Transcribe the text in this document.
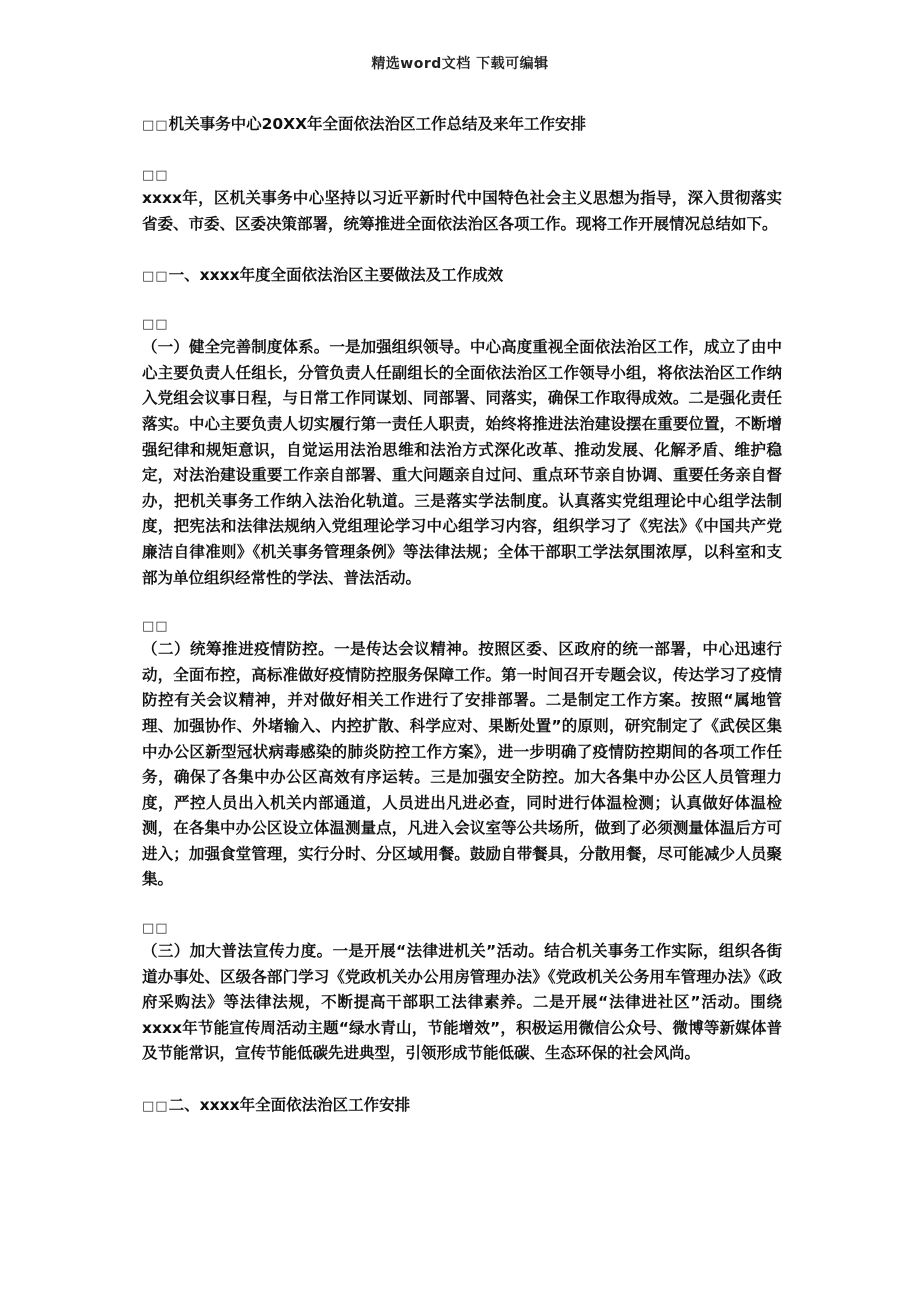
精选word文档 下载可编辑
□□机关事务中心20XX年全面依法治区工作总结及来年工作安排
□□

xxxx年，区机关事务中心坚持以习近平新时代中国特色社会主义思想为指导，深入贯彻落实省委、市委、区委决策部署，统筹推进全面依法治区各项工作。现将工作开展情况总结如下。

□□一、xxxx年度全面依法治区主要做法及工作成效
□□

（一）健全完善制度体系。一是加强组织领导。中心高度重视全面依法治区工作，成立了由中心主要负责人任组长，分管负责人任副组长的全面依法治区工作领导小组，将依法治区工作纳入党组会议事日程，与日常工作同谋划、同部署、同落实，确保工作取得成效。二是强化责任落实。中心主要负责人切实履行第一责任人职责，始终将推进法治建设摆在重要位置，不断增强纪律和规矩意识，自觉运用法治思维和法治方式深化改革、推动发展、化解矛盾、维护稳定，对法治建设重要工作亲自部署、重大问题亲自过问、重点环节亲自协调、重要任务亲自督办，把机关事务工作纳入法治化轨道。三是落实学法制度。认真落实党组理论中心组学法制度，把宪法和法律法规纳入党组理论学习中心组学习内容，组织学习了《宪法》《中国共产党廉洁自律准则》《机关事务管理条例》等法律法规；全体干部职工学法氛围浓厚，以科室和支部为单位组织经常性的学法、普法活动。

□□

（二）统筹推进疫情防控。一是传达会议精神。按照区委、区政府的统一部署，中心迅速行动，全面布控，高标准做好疫情防控服务保障工作。第一时间召开专题会议，传达学习了疫情防控有关会议精神，并对做好相关工作进行了安排部署。二是制定工作方案。按照“属地管理、加强协作、外堵输入、内控扩散、科学应对、果断处置”的原则，研究制定了《武侯区集中办公区新型冠状病毒感染的肺炎防控工作方案》，进一步明确了疫情防控期间的各项工作任务，确保了各集中办公区高效有序运转。三是加强安全防控。加大各集中办公区人员管理力度，严控人员出入机关内部通道，人员进出凡进必查，同时进行体温检测；认真做好体温检测，在各集中办公区设立体温测量点，凡进入会议室等公共场所，做到了必须测量体温后方可进入；加强食堂管理，实行分时、分区域用餐。鼓励自带餐具，分散用餐，尽可能减少人员聚集。

□□

（三）加大普法宣传力度。一是开展“法律进机关”活动。结合机关事务工作实际，组织各街道办事处、区级各部门学习《党政机关办公用房管理办法》《党政机关公务用车管理办法》《政府采购法》等法律法规，不断提高干部职工法律素养。二是开展“法律进社区”活动。围绕xxxx年节能宣传周活动主题“绿水青山，节能增效”，积极运用微信公众号、微博等新媒体普及节能常识，宣传节能低碳先进典型，引领形成节能低碳、生态环保的社会风尚。

□□二、xxxx年全面依法治区工作安排
